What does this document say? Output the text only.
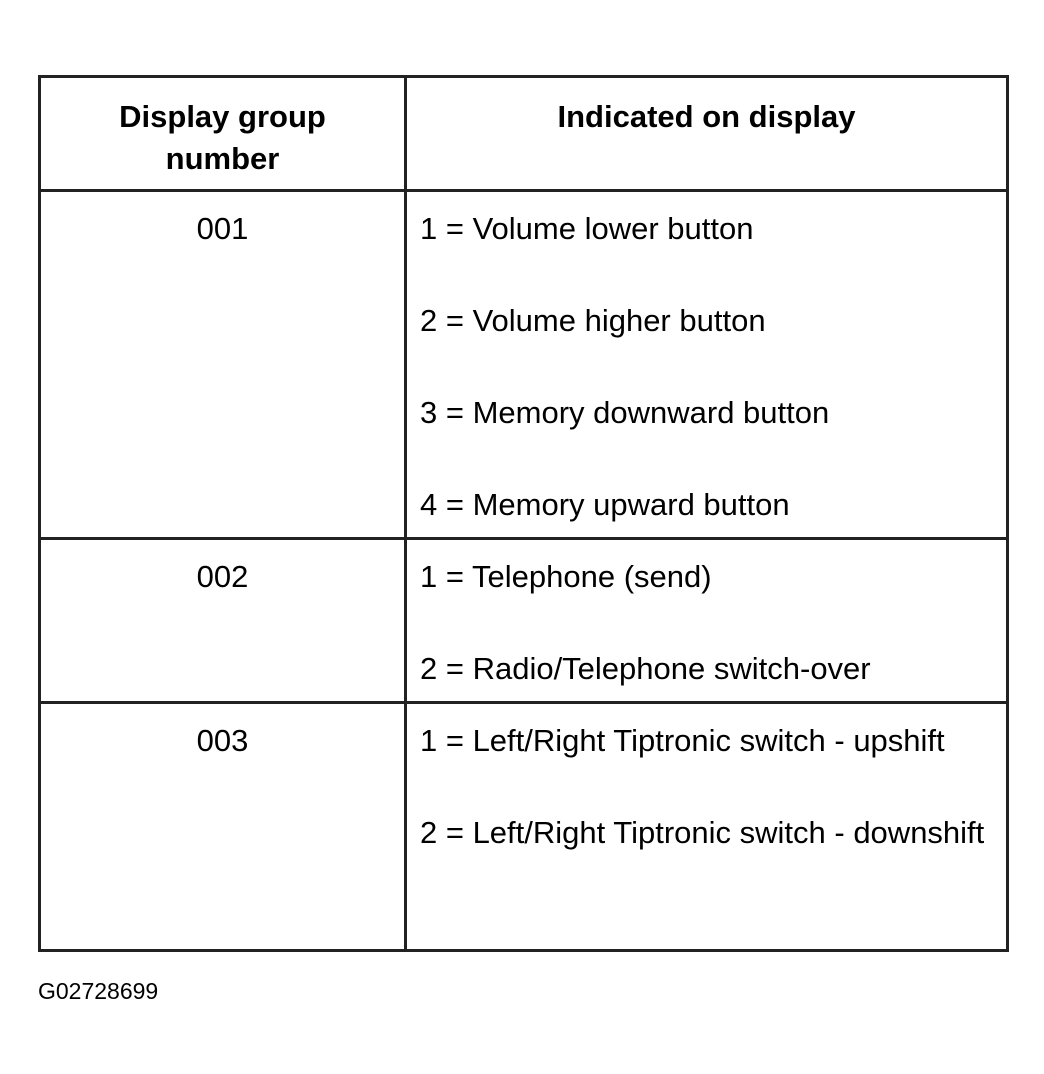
Display group number	Indicated on display

001	1 = Volume lower button
2 = Volume higher button
3 = Memory downward button
4 = Memory upward button

002	1 = Telephone (send)
2 = Radio/Telephone switch-over

003	1 = Left/Right Tiptronic switch - upshift
2 = Left/Right Tiptronic switch - downshift
G02728699
